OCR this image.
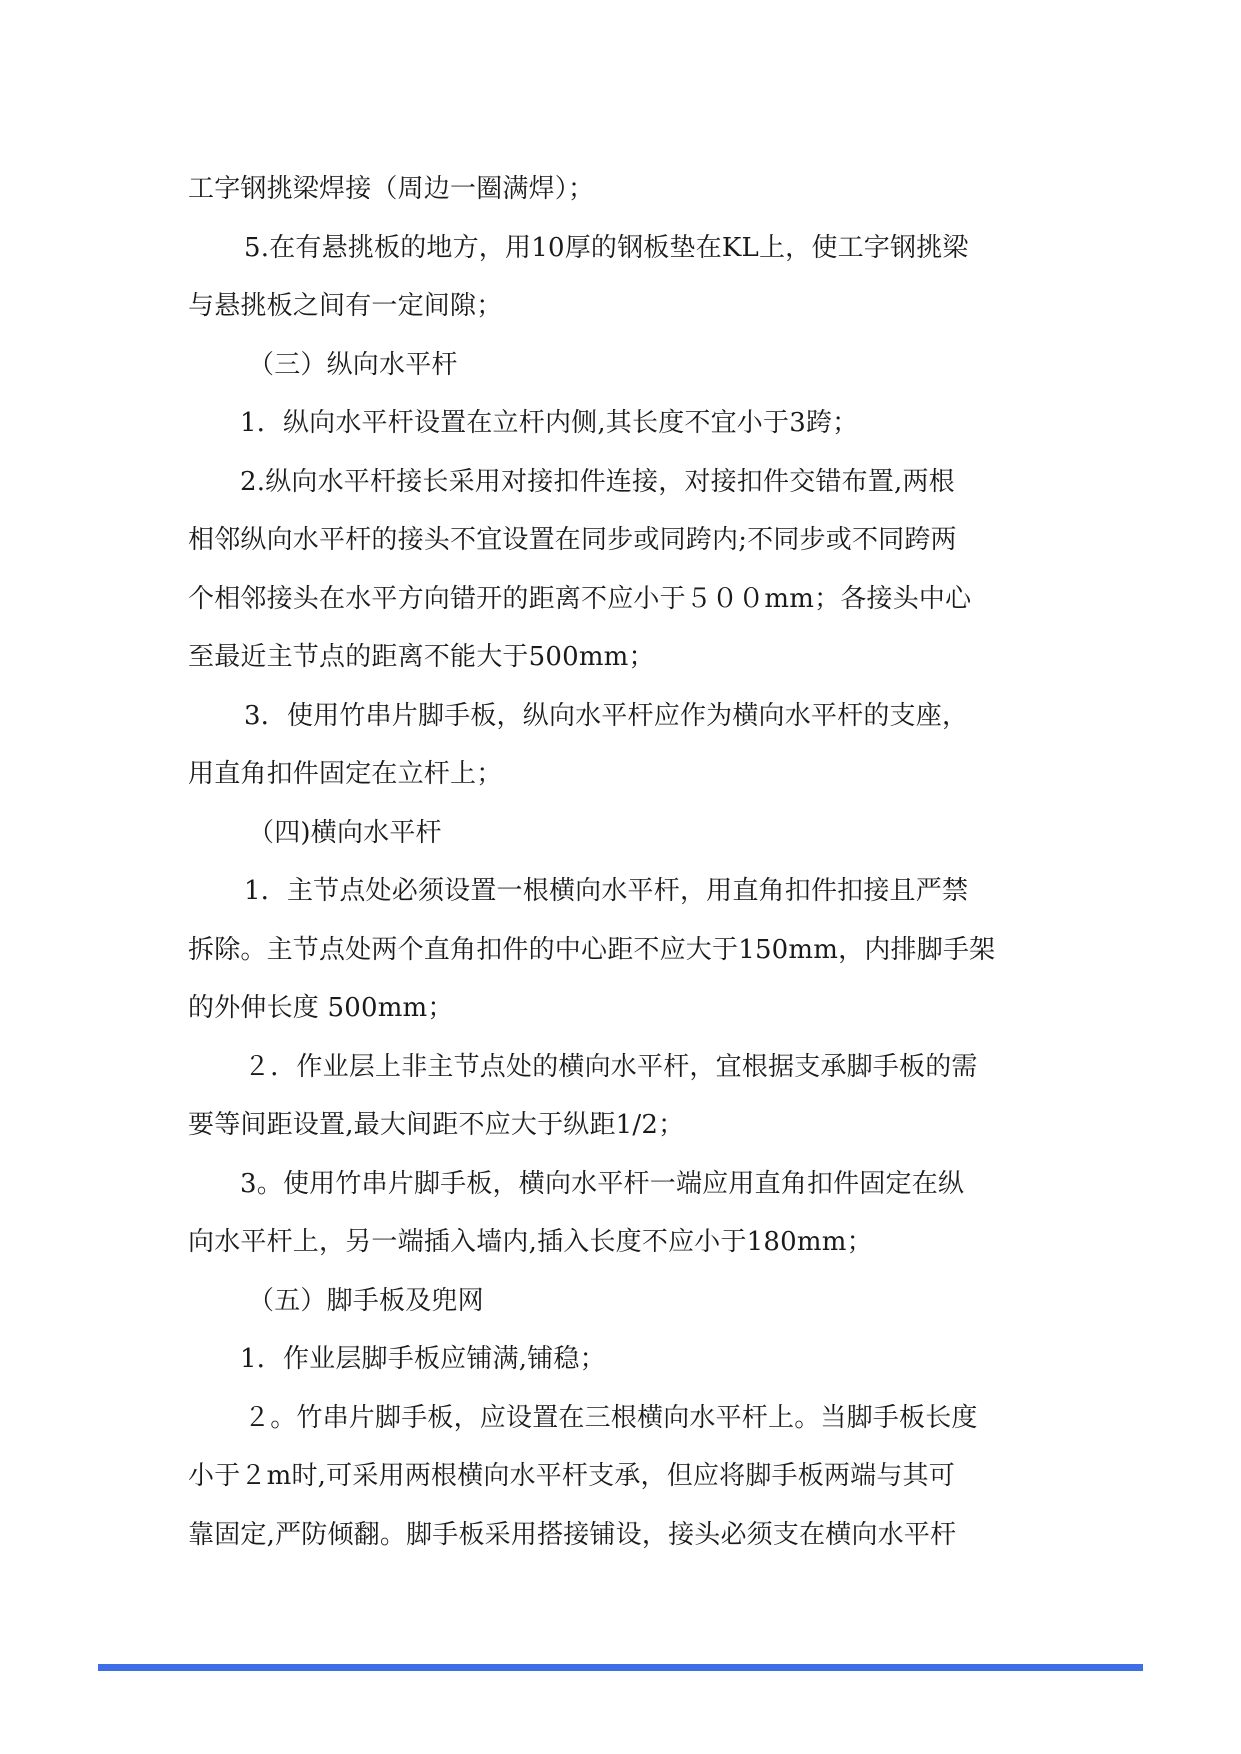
工字钢挑梁焊接（周边一圈满焊）；
5.在有悬挑板的地方，用10厚的钢板垫在KL上，使工字钢挑梁
与悬挑板之间有一定间隙；
（三）纵向水平杆
1．纵向水平杆设置在立杆内侧,其长度不宜小于3跨；
2.纵向水平杆接长采用对接扣件连接，对接扣件交错布置,两根
相邻纵向水平杆的接头不宜设置在同步或同跨内;不同步或不同跨两
个相邻接头在水平方向错开的距离不应小于５００mm；各接头中心
至最近主节点的距离不能大于500mm；
3．使用竹串片脚手板，纵向水平杆应作为横向水平杆的支座，
用直角扣件固定在立杆上；
（四)横向水平杆
1．主节点处必须设置一根横向水平杆，用直角扣件扣接且严禁
拆除。主节点处两个直角扣件的中心距不应大于150mm，内排脚手架
的外伸长度 500mm；
２．作业层上非主节点处的横向水平杆，宜根据支承脚手板的需
要等间距设置,最大间距不应大于纵距1/2；
3。使用竹串片脚手板，横向水平杆一端应用直角扣件固定在纵
向水平杆上，另一端插入墙内,插入长度不应小于180mm；
（五）脚手板及兜网
1．作业层脚手板应铺满,铺稳；
２。竹串片脚手板，应设置在三根横向水平杆上。当脚手板长度
小于２m时,可采用两根横向水平杆支承，但应将脚手板两端与其可
靠固定,严防倾翻。脚手板采用搭接铺设，接头必须支在横向水平杆
